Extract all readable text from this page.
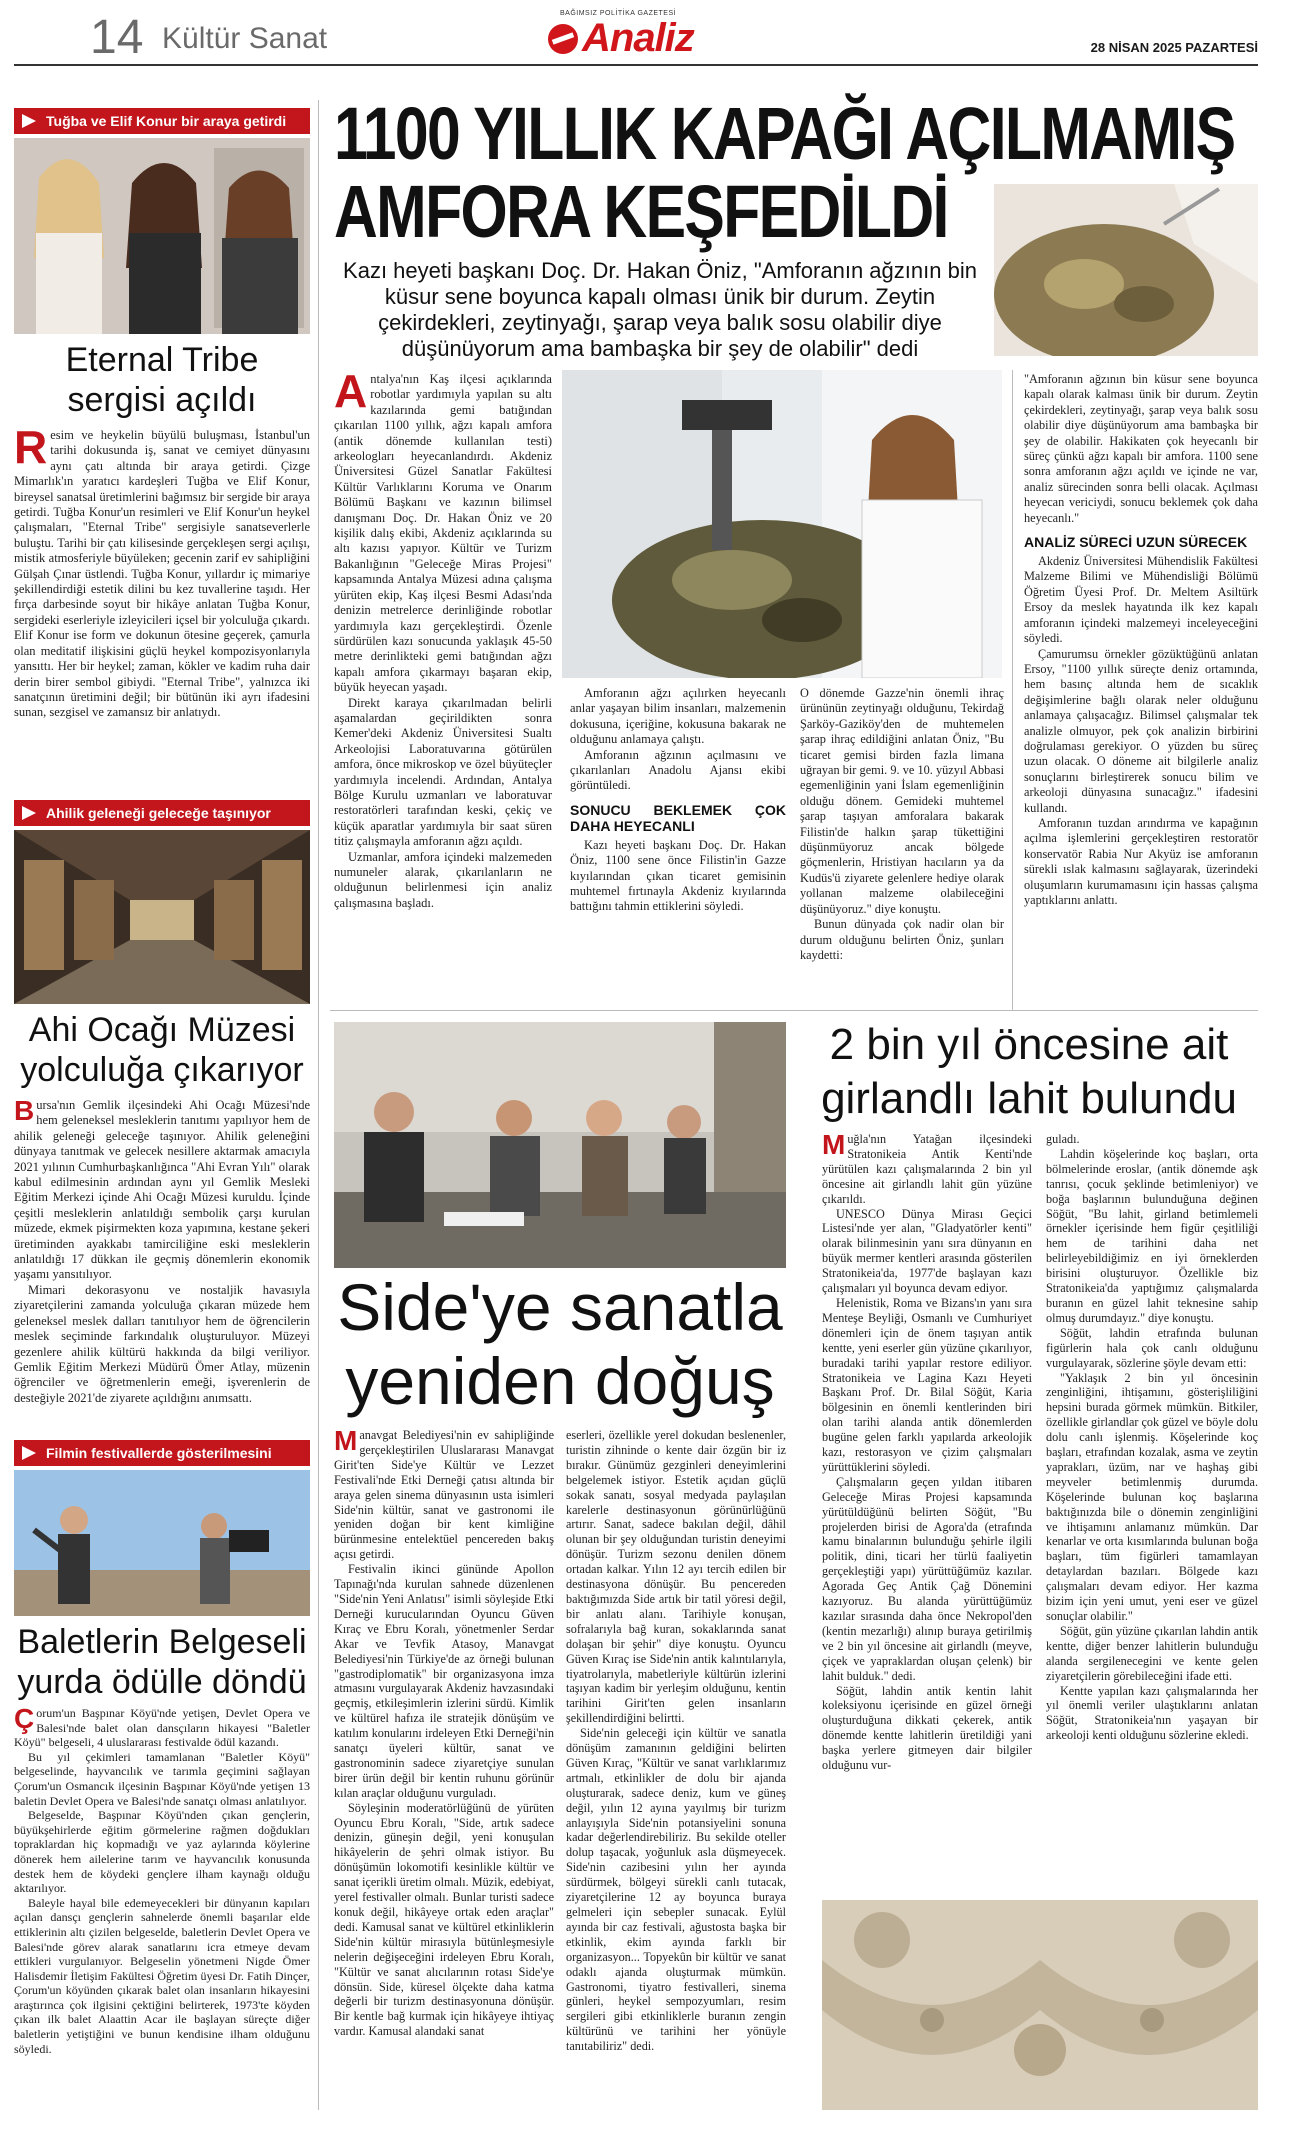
14 Kültür Sanat
BAĞIMSIZ POLİTİKA GAZETESİ
Analiz	28 NİSAN 2025 PAZARTESİ
Tuğba ve Elif Konur bir araya getirdi
Eternal Tribe
sergisi açıldı
Resim ve heykelin büyülü buluşması, İstanbul'un tarihi dokusunda iş, sanat ve cemiyet dünyasını aynı çatı altında bir araya getirdi. Çizge Mimarlık'ın yaratıcı kardeşleri Tuğba ve Elif Konur, bireysel sanatsal üretimlerini bağımsız bir sergide bir araya getirdi. Tuğba Konur'un resimleri ve Elif Konur'un heykel çalışmaları, "Eternal Tribe" sergisiyle sanatseverlerle buluştu. Tarihi bir çatı kilisesinde gerçekleşen sergi açılışı, mistik atmosferiyle büyüleken; gecenin zarif ev sahipliğini Gülşah Çınar üstlendi. Tuğba Konur, yıllardır iç mimariye şekillendirdiği estetik dilini bu kez tuvallerine taşıdı. Her fırça darbesinde soyut bir hikâye anlatan Tuğba Konur, sergideki eserleriyle izleyicileri içsel bir yolculuğa çıkardı. Elif Konur ise form ve dokunun ötesine geçerek, çamurla olan meditatif ilişkisini güçlü heykel kompozisyonlarıyla yansıttı. Her bir heykel; zaman, kökler ve kadim ruha dair derin birer sembol gibiydi. "Eternal Tribe", yalnızca iki sanatçının üretimini değil; bir bütünün iki ayrı ifadesini sunan, sezgisel ve zamansız bir anlatıydı.
Ahilik geleneği geleceğe taşınıyor
Ahi Ocağı Müzesi
yolculuğa çıkarıyor
Bursa'nın Gemlik ilçesindeki Ahi Ocağı Müzesi'nde hem geleneksel mesleklerin tanıtımı yapılıyor hem de ahilik geleneği geleceğe taşınıyor. Ahilik geleneğini dünyaya tanıtmak ve gelecek nesillere aktarmak amacıyla 2021 yılının Cumhurbaşkanlığınca "Ahi Evran Yılı" olarak kabul edilmesinin ardından aynı yıl Gemlik Mesleki Eğitim Merkezi içinde Ahi Ocağı Müzesi kuruldu. İçinde çeşitli mesleklerin anlatıldığı sembolik çarşı kurulan müzede, ekmek pişirmekten koza yapımına, kestane şekeri üretiminden ayakkabı tamirciliğine eski mesleklerin anlatıldığı 17 dükkan ile geçmiş dönemlerin ekonomik yaşamı yansıtılıyor.

Mimari dekorasyonu ve nostaljik havasıyla ziyaretçilerini zamanda yolculuğa çıkaran müzede hem geleneksel meslek dalları tanıtılıyor hem de öğrencilerin meslek seçiminde farkındalık oluşturuluyor. Müzeyi gezenlere ahilik kültürü hakkında da bilgi veriliyor. Gemlik Eğitim Merkezi Müdürü Ömer Atlay, müzenin öğrenciler ve öğretmenlerin emeği, işverenlerin de desteğiyle 2021'de ziyarete açıldığını anımsattı.

Filmin festivallerde gösterilmesini
Baletlerin Belgeseli
yurda ödülle döndü
Çorum'un Başpınar Köyü'nde yetişen, Devlet Opera ve Balesi'nde balet olan dansçıların hikayesi "Baletler Köyü" belgeseli, 4 uluslararası festivalde ödül kazandı.

Bu yıl çekimleri tamamlanan "Baletler Köyü" belgeselinde, hayvancılık ve tarımla geçimini sağlayan Çorum'un Osmancık ilçesinin Başpınar Köyü'nde yetişen 13 baletin Devlet Opera ve Balesi'nde sanatçı olması anlatılıyor.

Belgeselde, Başpınar Köyü'nden çıkan gençlerin, büyükşehirlerde eğitim görmelerine rağmen doğdukları topraklardan hiç kopmadığı ve yaz aylarında köylerine dönerek hem ailelerine tarım ve hayvancılık konusunda destek hem de köydeki gençlere ilham kaynağı olduğu aktarılıyor.

Baleyle hayal bile edemeyecekleri bir dünyanın kapıları açılan dansçı gençlerin sahnelerde önemli başarılar elde ettiklerinin altı çizilen belgeselde, baletlerin Devlet Opera ve Balesi'nde görev alarak sanatlarını icra etmeye devam ettikleri vurgulanıyor. Belgeselin yönetmeni Nigde Ömer Halisdemir İletişim Fakültesi Öğretim üyesi Dr. Fatih Dinçer, Çorum'un köyünden çıkarak balet olan insanların hikayesini araştırınca çok ilgisini çektiğini belirterek, 1973'te köyden çıkan ilk balet Alaattin Acar ile başlayan süreçte diğer baletlerin yetiştiğini ve bunun kendisine ilham olduğunu söyledi.

1100 YILLIK KAPAĞI AÇILMAMIŞ
AMFORA KEŞFEDİLDİ
Kazı heyeti başkanı Doç. Dr. Hakan Öniz, "Amforanın ağzının bin küsur sene boyunca kapalı olması ünik bir durum. Zeytin çekirdekleri, zeytinyağı, şarap veya balık sosu olabilir diye düşünüyorum ama bambaşka bir şey de olabilir" dedi
Antalya'nın Kaş ilçesi açıklarında robotlar yardımıyla yapılan su altı kazılarında gemi batığından çıkarılan 1100 yıllık, ağzı kapalı amfora (antik dönemde kullanılan testi) arkeologları heyecanlandırdı. Akdeniz Üniversitesi Güzel Sanatlar Fakültesi Kültür Varlıklarını Koruma ve Onarım Bölümü Başkanı ve kazının bilimsel danışmanı Doç. Dr. Hakan Öniz ve 20 kişilik dalış ekibi, Akdeniz açıklarında su altı kazısı yapıyor. Kültür ve Turizm Bakanlığının "Geleceğe Miras Projesi" kapsamında Antalya Müzesi adına çalışma yürüten ekip, Kaş ilçesi Besmi Adası'nda denizin metrelerce derinliğinde robotlar yardımıyla kazı gerçekleştirdi. Özenle sürdürülen kazı sonucunda yaklaşık 45-50 metre derinlikteki gemi batığından ağzı kapalı amfora çıkarmayı başaran ekip, büyük heyecan yaşadı.

Direkt karaya çıkarılmadan belirli aşamalardan geçirildikten sonra Kemer'deki Akdeniz Üniversitesi Sualtı Arkeolojisi Laboratuvarına götürülen amfora, önce mikroskop ve özel büyüteçler yardımıyla incelendi. Ardından, Antalya Bölge Kurulu uzmanları ve laboratuvar restoratörleri tarafından keski, çekiç ve küçük aparatlar yardımıyla bir saat süren titiz çalışmayla amforanın ağzı açıldı.

Uzmanlar, amfora içindeki malzemeden numuneler alarak, çıkarılanların ne olduğunun belirlenmesi için analiz çalışmasına başladı.

Amforanın ağzı açılırken heyecanlı anlar yaşayan bilim insanları, malzemenin dokusuna, içeriğine, kokusuna bakarak ne olduğunu anlamaya çalıştı.

Amforanın ağzının açılmasını ve çıkarılanları Anadolu Ajansı ekibi görüntüledi.

SONUCU BEKLEMEK ÇOK DAHA HEYECANLI

Kazı heyeti başkanı Doç. Dr. Hakan Öniz, 1100 sene önce Filistin'in Gazze kıyılarından çıkan ticaret gemisinin muhtemel fırtınayla Akdeniz kıyılarında battığını tahmin ettiklerini söyledi.

O dönemde Gazze'nin önemli ihraç ürününün zeytinyağı olduğunu, Tekirdağ Şarköy-Gaziköy'den de muhtemelen şarap ihraç edildiğini anlatan Öniz, "Bu ticaret gemisi birden fazla limana uğrayan bir gemi. 9. ve 10. yüzyıl Abbasi egemenliğinin yani İslam egemenliğinin olduğu dönem. Gemideki muhtemel şarap taşıyan amforalara bakarak Filistin'de halkın şarap tükettiğini düşünmüyoruz ancak bölgede göçmenlerin, Hristiyan hacıların ya da Kudüs'ü ziyarete gelenlere hediye olarak yollanan malzeme olabileceğini düşünüyoruz." diye konuştu.

Bunun dünyada çok nadir olan bir durum olduğunu belirten Öniz, şunları kaydetti:

"Amforanın ağzının bin küsur sene boyunca kapalı olarak kalması ünik bir durum. Zeytin çekirdekleri, zeytinyağı, şarap veya balık sosu olabilir diye düşünüyorum ama bambaşka bir şey de olabilir. Hakikaten çok heyecanlı bir süreç çünkü ağzı kapalı bir amfora. 1100 sene sonra amforanın ağzı açıldı ve içinde ne var, analiz sürecinden sonra belli olacak. Açılması heyecan vericiydi, sonucu beklemek çok daha heyecanlı."

ANALİZ SÜRECİ UZUN SÜRECEK

Akdeniz Üniversitesi Mühendislik Fakültesi Malzeme Bilimi ve Mühendisliği Bölümü Öğretim Üyesi Prof. Dr. Meltem Asiltürk Ersoy da meslek hayatında ilk kez kapalı amforanın içindeki malzemeyi inceleyeceğini söyledi.

Çamurumsu örnekler gözüktüğünü anlatan Ersoy, "1100 yıllık süreçte deniz ortamında, hem basınç altında hem de sıcaklık değişimlerine bağlı olarak neler olduğunu anlamaya çalışacağız. Bilimsel çalışmalar tek analizle olmuyor, pek çok analizin birbirini doğrulaması gerekiyor. O yüzden bu süreç uzun olacak. O döneme ait bilgilerle analiz sonuçlarını birleştirerek sonucu bilim ve arkeoloji dünyasına sunacağız." ifadesini kullandı.

Amforanın tuzdan arındırma ve kapağının açılma işlemlerini gerçekleştiren restoratör konservatör Rabia Nur Akyüz ise amforanın sürekli ıslak kalmasını sağlayarak, üzerindeki oluşumların kurumamasını için hassas çalışma yaptıklarını anlattı.

Side'ye sanatla
yeniden doğuş
Manavgat Belediyesi'nin ev sahipliğinde gerçekleştirilen Uluslararası Manavgat Girit'ten Side'ye Kültür ve Lezzet Festivali'nde Etki Derneği çatısı altında bir araya gelen sinema dünyasının usta isimleri Side'nin kültür, sanat ve gastronomi ile yeniden doğan bir kent kimliğine bürünmesine entelektüel pencereden bakış açısı getirdi.

Festivalin ikinci gününde Apollon Tapınağı'nda kurulan sahnede düzenlenen "Side'nin Yeni Anlatısı" isimli söyleşide Etki Derneği kurucularından Oyuncu Güven Kıraç ve Ebru Koralı, yönetmenler Serdar Akar ve Tevfik Atasoy, Manavgat Belediyesi'nin Türkiye'de az örneği bulunan "gastrodiplomatik" bir organizasyona imza atmasını vurgulayarak Akdeniz havzasındaki geçmiş, etkileşimlerin izlerini sürdü. Kimlik ve kültürel hafıza ile stratejik dönüşüm ve katılım konularını irdeleyen Etki Derneği'nin sanatçı üyeleri kültür, sanat ve gastronominin sadece ziyaretçiye sunulan birer ürün değil bir kentin ruhunu görünür kılan araçlar olduğunu vurguladı.

Söyleşinin moderatörlüğünü de yürüten Oyuncu Ebru Koralı, "Side, artık sadece denizin, güneşin değil, yeni konuşulan hikâyelerin de şehri olmak istiyor. Bu dönüşümün lokomotifi kesinlikle kültür ve sanat içerikli üretim olmalı. Müzik, edebiyat, yerel festivaller olmalı. Bunlar turisti sadece konuk değil, hikâyeye ortak eden araçlar" dedi. Kamusal sanat ve kültürel etkinliklerin Side'nin kültür mirasıyla bütünleşmesiyle nelerin değişeceğini irdeleyen Ebru Koralı, "Kültür ve sanat alıcılarının rotası Side'ye dönsün. Side, küresel ölçekte daha katma değerli bir turizm destinasyonuna dönüşür. Bir kentle bağ kurmak için hikâyeye ihtiyaç vardır. Kamusal alandaki sanat

eserleri, özellikle yerel dokudan beslenenler, turistin zihninde o kente dair özgün bir iz bırakır. Günümüz gezginleri deneyimlerini belgelemek istiyor. Estetik açıdan güçlü sokak sanatı, sosyal medyada paylaşılan karelerle destinasyonun görünürlüğünü artırır. Sanat, sadece bakılan değil, dâhil olunan bir şey olduğundan turistin deneyimi dönüşür. Turizm sezonu denilen dönem ortadan kalkar. Yılın 12 ayı tercih edilen bir destinasyona dönüşür. Bu pencereden baktığımızda Side artık bir tatil yöresi değil, bir anlatı alanı. Tarihiyle konuşan, sofralarıyla bağ kuran, sokaklarında sanat dolaşan bir şehir" diye konuştu. Oyuncu Güven Kıraç ise Side'nin antik kalıntılarıyla, tiyatrolarıyla, mabetleriyle kültürün izlerini taşıyan kadim bir yerleşim olduğunu, kentin tarihini Girit'ten gelen insanların şekillendirdiğini belirtti.

Side'nin geleceği için kültür ve sanatla dönüşüm zamanının geldiğini belirten Güven Kıraç, "Kültür ve sanat varlıklarımız artmalı, etkinlikler de dolu bir ajanda oluşturarak, sadece deniz, kum ve güneş değil, yılın 12 ayına yayılmış bir turizm anlayışıyla Side'nin potansiyelini sonuna kadar değerlendirebiliriz. Bu sekilde oteller dolup taşacak, yoğunluk asla düşmeyecek. Side'nin cazibesini yılın her ayında sürdürmek, bölgeyi sürekli canlı tutacak, ziyaretçilerine 12 ay boyunca buraya gelmeleri için sebepler sunacak. Eylül ayında bir caz festivali, ağustosta başka bir etkinlik, ekim ayında farklı bir organizasyon... Topyekûn bir kültür ve sanat odaklı ajanda oluşturmak mümkün. Gastronomi, tiyatro festivalleri, sinema günleri, heykel sempozyumları, resim sergileri gibi etkinliklerle buranın zengin kültürünü ve tarihini her yönüyle tanıtabiliriz" dedi.

2 bin yıl öncesine ait
girlandlı lahit bulundu
Muğla'nın Yatağan ilçesindeki Stratonikeia Antik Kenti'nde yürütülen kazı çalışmalarında 2 bin yıl öncesine ait girlandlı lahit gün yüzüne çıkarıldı.

UNESCO Dünya Mirası Geçici Listesi'nde yer alan, "Gladyatörler kenti" olarak bilinmesinin yanı sıra dünyanın en büyük mermer kentleri arasında gösterilen Stratonikeia'da, 1977'de başlayan kazı çalışmaları yıl boyunca devam ediyor.

Helenistik, Roma ve Bizans'ın yanı sıra Menteşe Beyliği, Osmanlı ve Cumhuriyet dönemleri için de önem taşıyan antik kentte, yeni eserler gün yüzüne çıkarılıyor, buradaki tarihi yapılar restore ediliyor. Stratonikeia ve Lagina Kazı Heyeti Başkanı Prof. Dr. Bilal Söğüt, Karia bölgesinin en önemli kentlerinden biri olan tarihi alanda antik dönemlerden bugüne gelen farklı yapılarda arkeolojik kazı, restorasyon ve çizim çalışmaları yürüttüklerini söyledi.

Çalışmaların geçen yıldan itibaren Geleceğe Miras Projesi kapsamında yürütüldüğünü belirten Söğüt, "Bu projelerden birisi de Agora'da (etrafında kamu binalarının bulunduğu şehirle ilgili politik, dini, ticari her türlü faaliyetin gerçekleştiği yapı) yürüttüğümüz kazılar. Agorada Geç Antik Çağ Dönemini kazıyoruz. Bu alanda yürüttüğümüz kazılar sırasında daha önce Nekropol'den (kentin mezarlığı) alınıp buraya getirilmiş ve 2 bin yıl öncesine ait girlandlı (meyve, çiçek ve yapraklardan oluşan çelenk) bir lahit bulduk." dedi.

Söğüt, lahdin antik kentin lahit koleksiyonu içerisinde en güzel örneği oluşturduğuna dikkati çekerek, antik dönemde kentte lahitlerin üretildiği yani başka yerlere gitmeyen dair bilgiler olduğunu vur-

guladı.

Lahdin köşelerinde koç başları, orta bölmelerinde eroslar, (antik dönemde aşk tanrısı, çocuk şeklinde betimleniyor) ve boğa başlarının bulunduğuna değinen Söğüt, "Bu lahit, girland betimlemeli örnekler içerisinde hem figür çeşitliliği hem de tarihini daha net belirleyebildiğimiz en iyi örneklerden birisini oluşturuyor. Özellikle biz Stratonikeia'da yaptığımız çalışmalarda buranın en güzel lahit teknesine sahip olmuş durumdayız." diye konuştu.

Söğüt, lahdin etrafında bulunan figürlerin hala çok canlı olduğunu vurgulayarak, sözlerine şöyle devam etti:

"Yaklaşık 2 bin yıl öncesinin zenginliğini, ihtişamını, gösterişliliğini hepsini burada görmek mümkün. Bitkiler, özellikle girlandlar çok güzel ve böyle dolu dolu canlı işlenmiş. Köşelerinde koç başları, etrafından kozalak, asma ve zeytin yaprakları, üzüm, nar ve haşhaş gibi meyveler betimlenmiş durumda. Köşelerinde bulunan koç başlarına baktığınızda bile o dönemin zenginliğini ve ihtişamını anlamanız mümkün. Dar kenarlar ve orta kısımlarında bulunan boğa başları, tüm figürleri tamamlayan detaylardan bazıları. Bölgede kazı çalışmaları devam ediyor. Her kazma bizim için yeni umut, yeni eser ve güzel sonuçlar olabilir."

Söğüt, gün yüzüne çıkarılan lahdin antik kentte, diğer benzer lahitlerin bulunduğu alanda sergilenecegini ve kente gelen ziyaretçilerin görebileceğini ifade etti.

Kentte yapılan kazı çalışmalarında her yıl önemli veriler ulaştıklarını anlatan Söğüt, Stratonikeia'nın yaşayan bir arkeoloji kenti olduğunu sözlerine ekledi.
